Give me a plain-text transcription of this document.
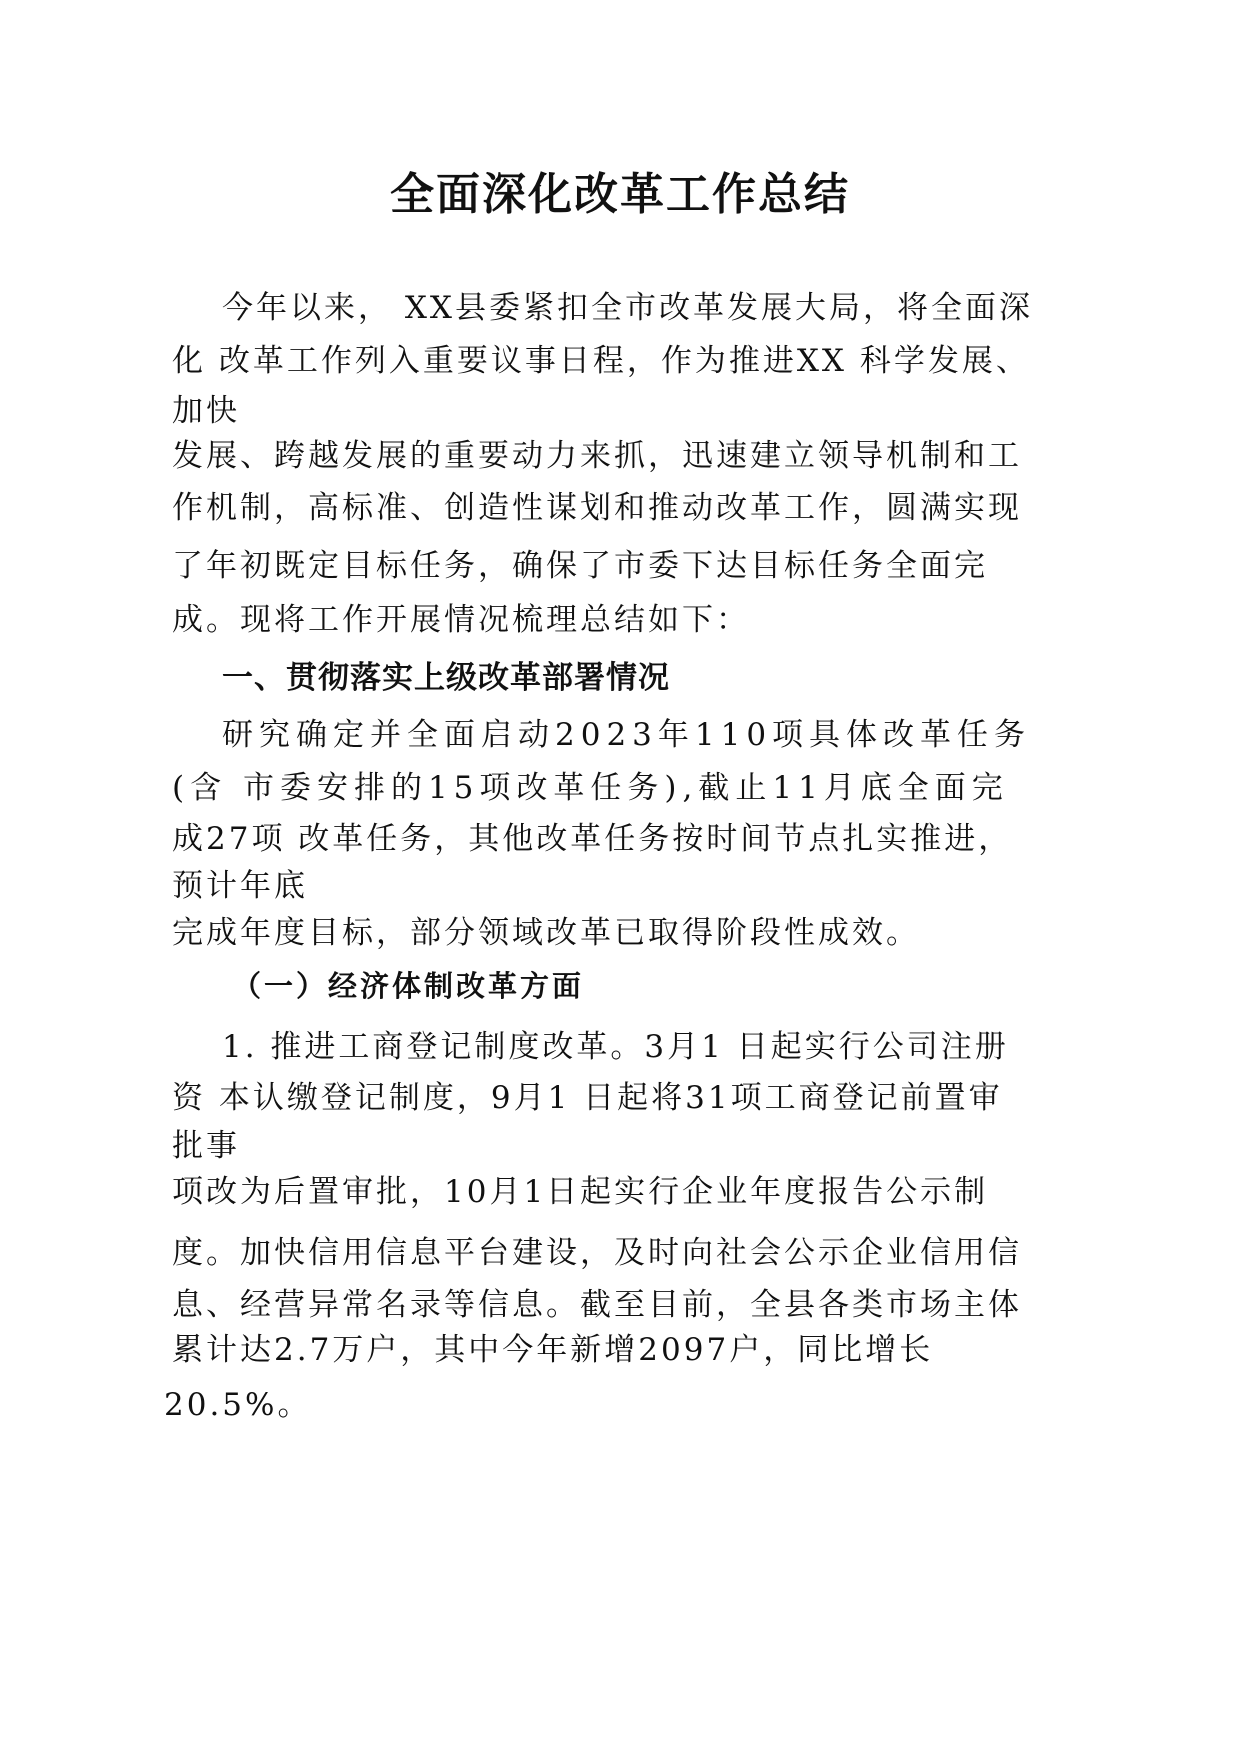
全面深化改革工作总结
今年以来， XX县委紧扣全市改革发展大局，将全面深
化 改革工作列入重要议事日程，作为推进XX 科学发展、
加快
发展、跨越发展的重要动力来抓，迅速建立领导机制和工
作机制，高标准、创造性谋划和推动改革工作，圆满实现
了年初既定目标任务，确保了市委下达目标任务全面完
成。现将工作开展情况梳理总结如下：
一、贯彻落实上级改革部署情况
研究确定并全面启动2023年110项具体改革任务
(含 市委安排的15项改革任务),截止11月底全面完
成27项 改革任务，其他改革任务按时间节点扎实推进，
预计年底
完成年度目标，部分领域改革已取得阶段性成效。
（一）经济体制改革方面
1. 推进工商登记制度改革。3月1 日起实行公司注册
资 本认缴登记制度，9月1 日起将31项工商登记前置审
批事
项改为后置审批，10月1日起实行企业年度报告公示制
度。加快信用信息平台建设，及时向社会公示企业信用信
息、经营异常名录等信息。截至目前，全县各类市场主体
累计达2.7万户，其中今年新增2097户，同比增长
20.5%。
